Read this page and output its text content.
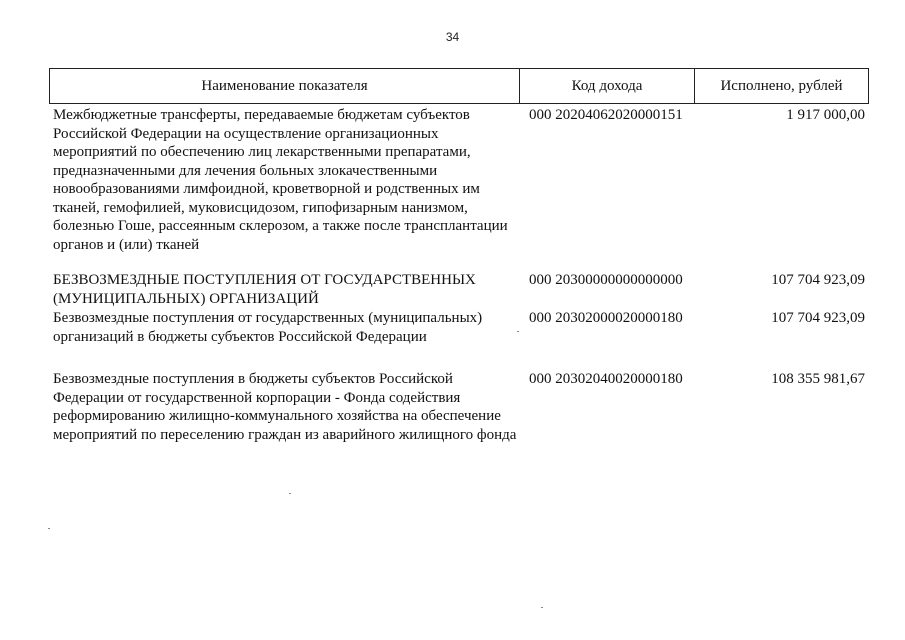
34
Наименование показателя	Код дохода	Исполнено, рублей
Межбюджетные трансферты, передаваемые бюджетам субъектов Российской Федерации на осуществление организационных мероприятий по обеспечению лиц лекарственными препаратами, предназначенными для лечения больных злокачественными новообразованиями лимфоидной, кроветворной и родственных им тканей, гемофилией, муковисцидозом, гипофизарным нанизмом, болезнью Гоше, рассеянным склерозом, а также после трансплантации органов и (или) тканей
000 20204062020000151	1 917 000,00
БЕЗВОЗМЕЗДНЫЕ ПОСТУПЛЕНИЯ ОТ ГОСУДАРСТВЕННЫХ (МУНИЦИПАЛЬНЫХ) ОРГАНИЗАЦИЙ
000 20300000000000000	107 704 923,09
Безвозмездные поступления от государственных (муниципальных) организаций в бюджеты субъектов Российской Федерации
000 20302000020000180	107 704 923,09
Безвозмездные поступления в бюджеты субъектов Российской Федерации от государственной корпорации - Фонда содействия реформированию жилищно-коммунального хозяйства на обеспечение мероприятий по переселению граждан из аварийного жилищного фонда
000 20302040020000180	108 355 981,67
